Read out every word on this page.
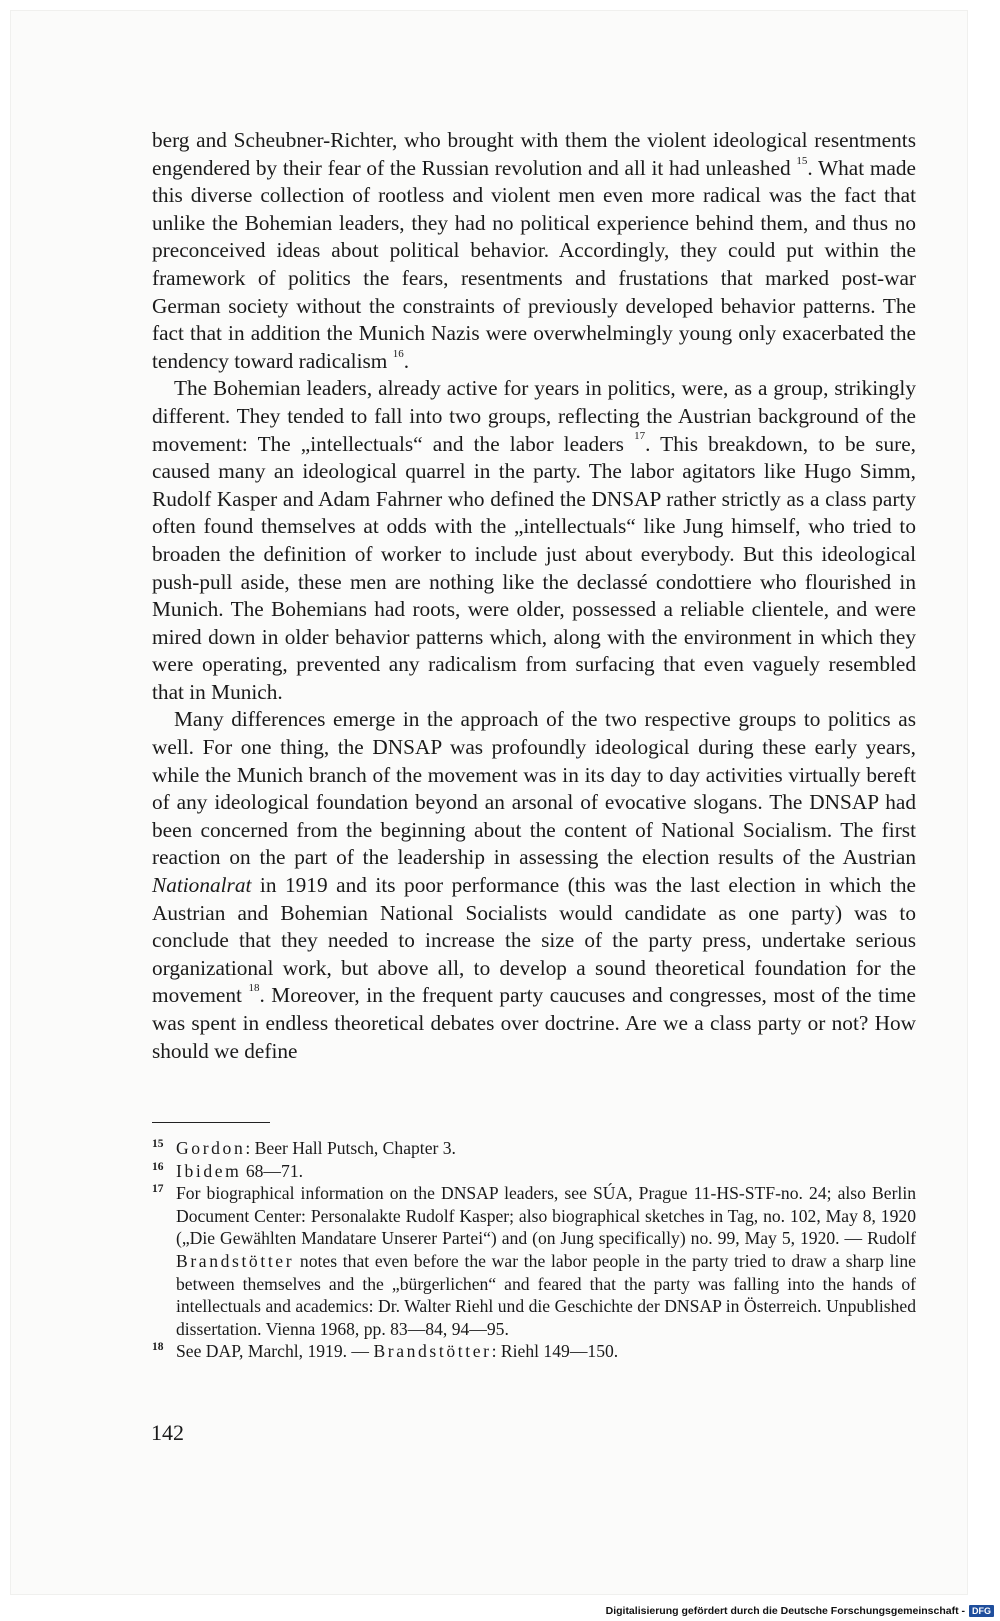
berg and Scheubner-Richter, who brought with them the violent ideological resentments engendered by their fear of the Russian revolution and all it had unleashed $^{15}$. What made this diverse collection of rootless and violent men even more radical was the fact that unlike the Bohemian leaders, they had no political experience behind them, and thus no preconceived ideas about political behavior. Accordingly, they could put within the framework of politics the fears, resentments and frustations that marked post-war German society without the constraints of previously developed behavior patterns. The fact that in addition the Munich Nazis were overwhelmingly young only exacerbated the tendency toward radicalism $^{16}$.

The Bohemian leaders, already active for years in politics, were, as a group, strikingly different. They tended to fall into two groups, reflecting the Austrian background of the movement: The „intellectuals“ and the labor leaders $^{17}$. This breakdown, to be sure, caused many an ideological quarrel in the party. The labor agitators like Hugo Simm, Rudolf Kasper and Adam Fahrner who defined the DNSAP rather strictly as a class party often found themselves at odds with the „intellectuals“ like Jung himself, who tried to broaden the definition of worker to include just about everybody. But this ideological push-pull aside, these men are nothing like the declassé condottiere who flourished in Munich. The Bohemians had roots, were older, possessed a reliable clientele, and were mired down in older behavior patterns which, along with the environment in which they were operating, prevented any radicalism from surfacing that even vaguely resembled that in Munich.

Many differences emerge in the approach of the two respective groups to politics as well. For one thing, the DNSAP was profoundly ideological during these early years, while the Munich branch of the movement was in its day to day activities virtually bereft of any ideological foundation beyond an arsonal of evocative slogans. The DNSAP had been concerned from the beginning about the content of National Socialism. The first reaction on the part of the leadership in assessing the election results of the Austrian Nationalrat in 1919 and its poor performance (this was the last election in which the Austrian and Bohemian National Socialists would candidate as one party) was to conclude that they needed to increase the size of the party press, undertake serious organizational work, but above all, to develop a sound theoretical foundation for the movement $^{18}$. Moreover, in the frequent party caucuses and congresses, most of the time was spent in endless theoretical debates over doctrine. Are we a class party or not? How should we define

15 Gordon: Beer Hall Putsch, Chapter 3.

16 Ibidem 68—71.

17 For biographical information on the DNSAP leaders, see SÚA, Prague 11-HS-STF-no. 24; also Berlin Document Center: Personalakte Rudolf Kasper; also biographical sketches in Tag, no. 102, May 8, 1920 („Die Gewählten Mandatare Unserer Partei“) and (on Jung specifically) no. 99, May 5, 1920. — Rudolf Brandstötter notes that even before the war the labor people in the party tried to draw a sharp line between themselves and the „bürgerlichen“ and feared that the party was falling into the hands of intellectuals and academics: Dr. Walter Riehl und die Geschichte der DNSAP in Österreich. Unpublished dissertation. Vienna 1968, pp. 83—84, 94—95.

18 See DAP, Marchl, 1919. — Brandstötter: Riehl 149—150.

142
Digitalisierung gefördert durch die Deutsche Forschungsgemeinschaft - DFG
